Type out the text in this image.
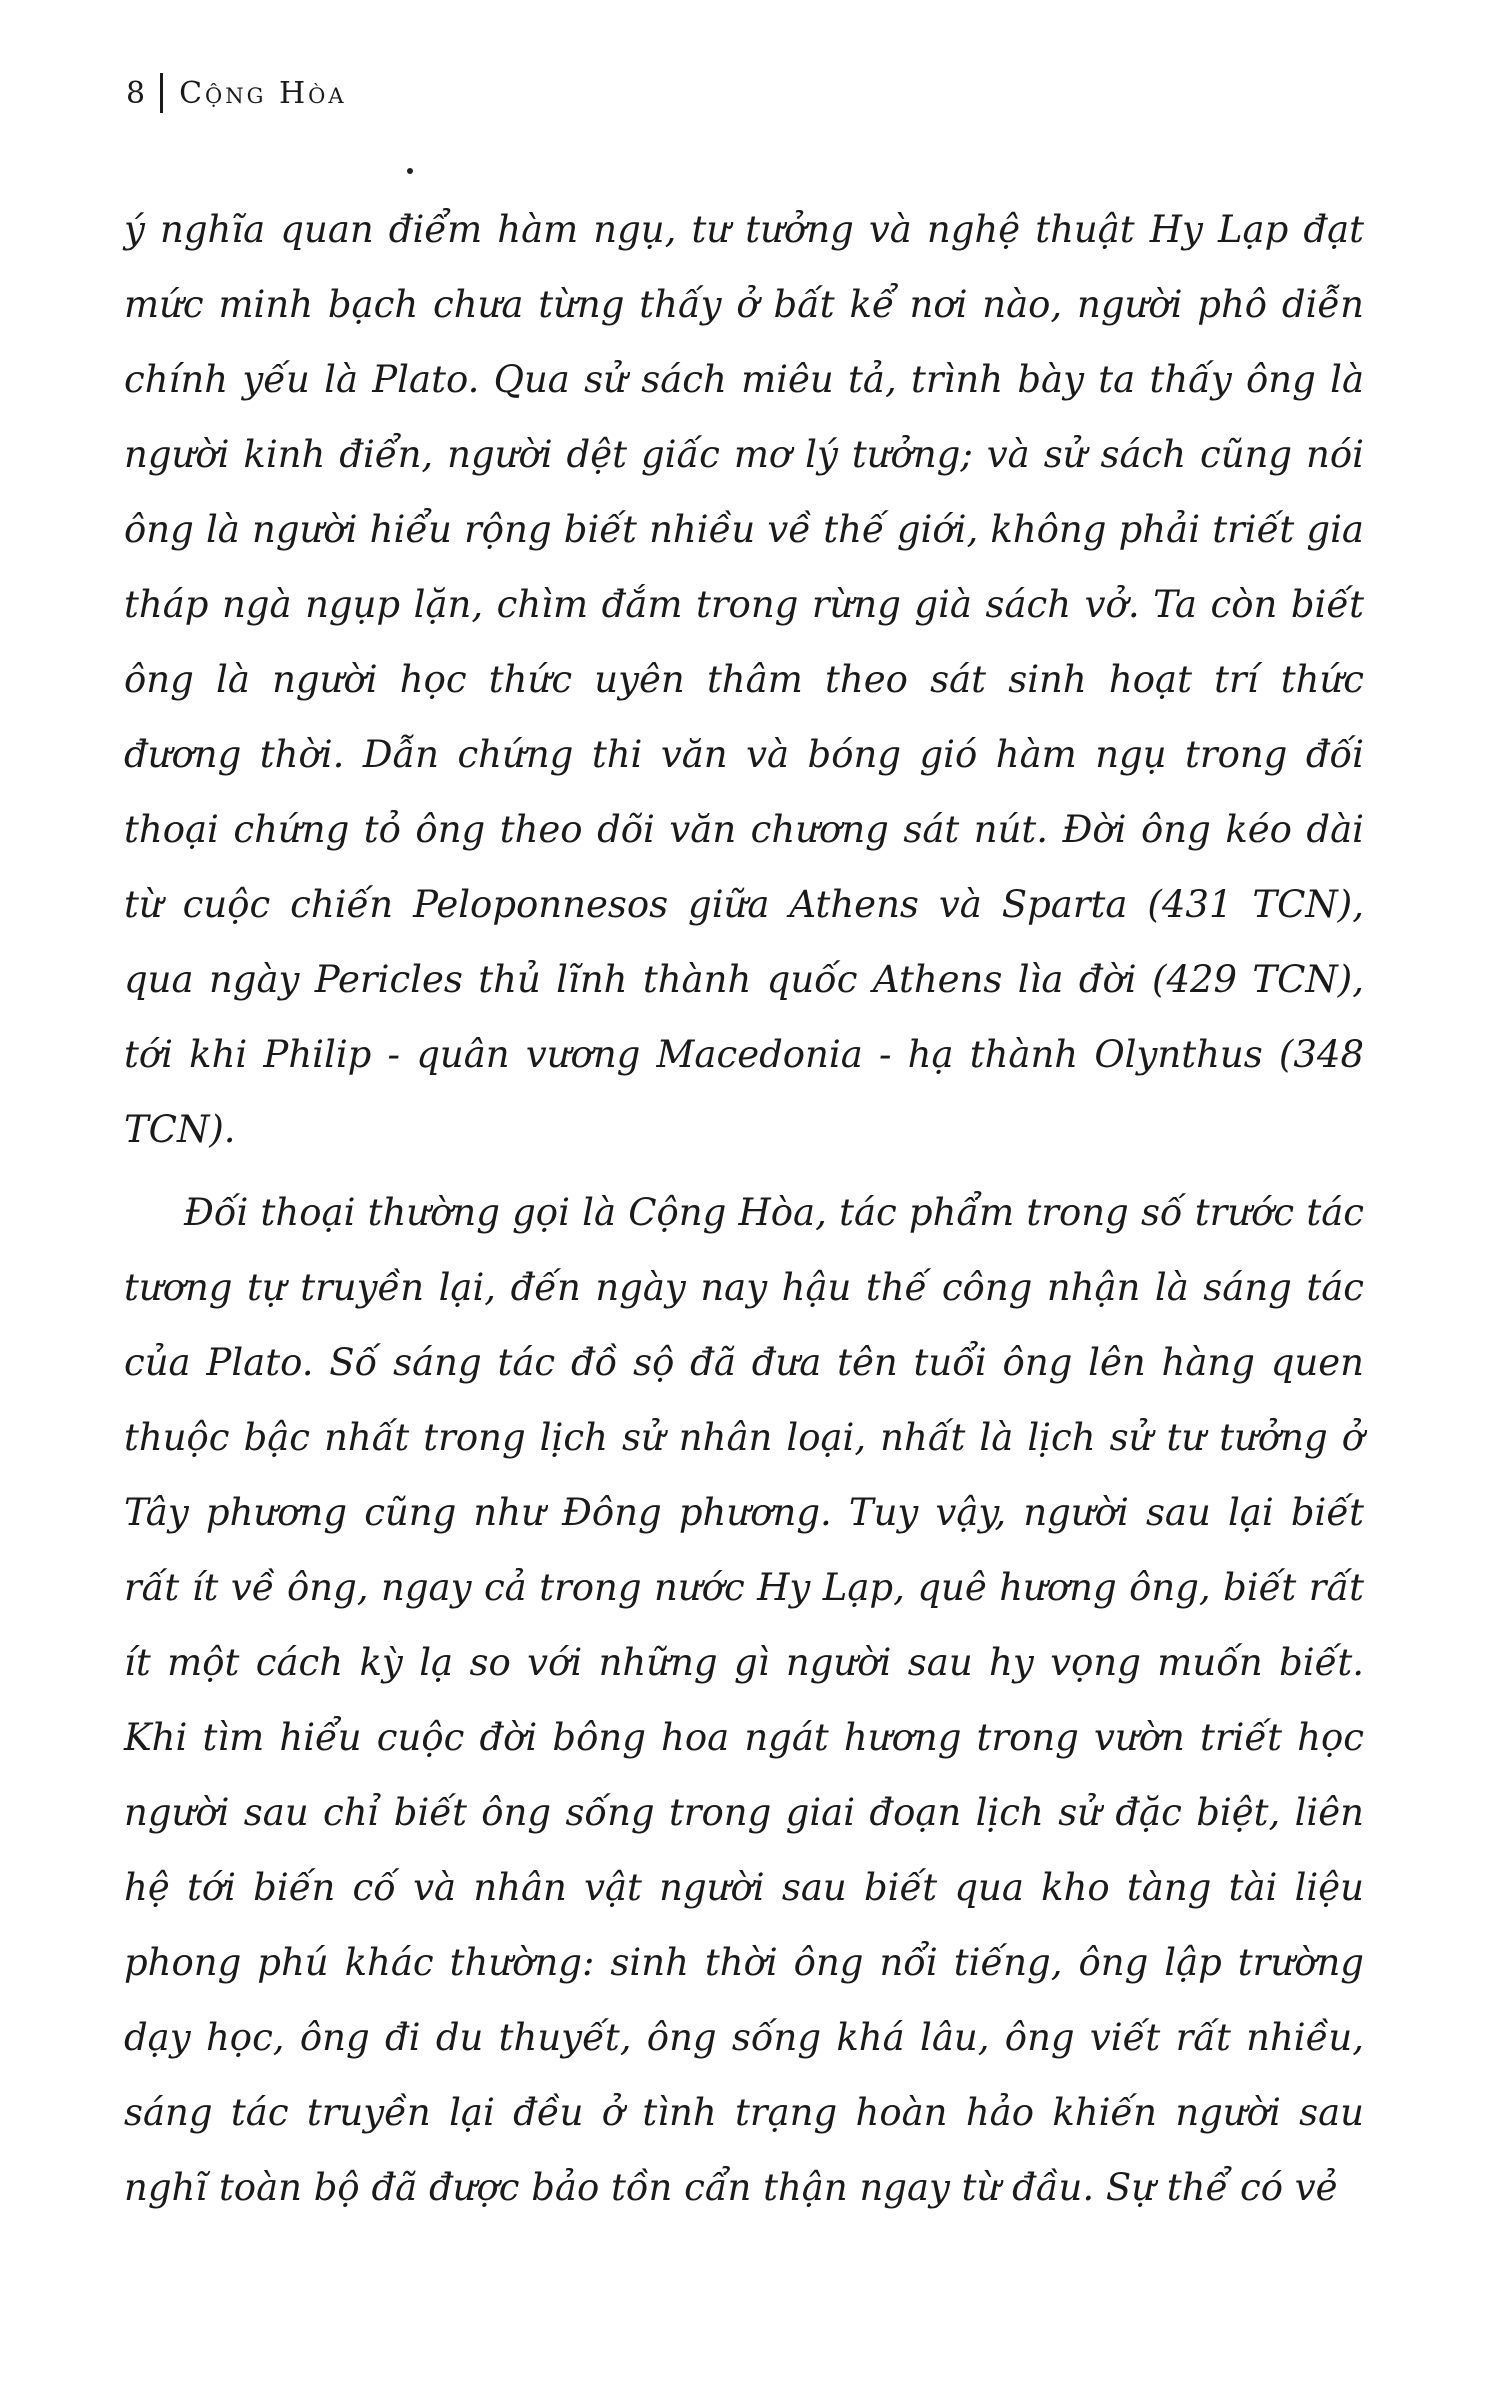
8 Cộng Hòa

ý nghĩa quan điểm hàm ngụ, tư tưởng và nghệ thuật Hy Lạp đạt mức minh bạch chưa từng thấy ở bất kể nơi nào, người phô diễn chính yếu là Plato. Qua sử sách miêu tả, trình bày ta thấy ông là người kinh điển, người dệt giấc mơ lý tưởng; và sử sách cũng nói ông là người hiểu rộng biết nhiều về thế giới, không phải triết gia tháp ngà ngụp lặn, chìm đắm trong rừng già sách vở. Ta còn biết ông là người học thức uyên thâm theo sát sinh hoạt trí thức đương thời. Dẫn chứng thi văn và bóng gió hàm ngụ trong đối thoại chứng tỏ ông theo dõi văn chương sát nút. Đời ông kéo dài từ cuộc chiến Peloponnesos giữa Athens và Sparta (431 TCN), qua ngày Pericles thủ lĩnh thành quốc Athens lìa đời (429 TCN), tới khi Philip - quân vương Macedonia - hạ thành Olynthus (348 TCN).

Đối thoại thường gọi là Cộng Hòa, tác phẩm trong số trước tác tương tự truyền lại, đến ngày nay hậu thế công nhận là sáng tác của Plato. Số sáng tác đồ sộ đã đưa tên tuổi ông lên hàng quen thuộc bậc nhất trong lịch sử nhân loại, nhất là lịch sử tư tưởng ở Tây phương cũng như Đông phương. Tuy vậy, người sau lại biết rất ít về ông, ngay cả trong nước Hy Lạp, quê hương ông, biết rất ít một cách kỳ lạ so với những gì người sau hy vọng muốn biết. Khi tìm hiểu cuộc đời bông hoa ngát hương trong vườn triết học người sau chỉ biết ông sống trong giai đoạn lịch sử đặc biệt, liên hệ tới biến cố và nhân vật người sau biết qua kho tàng tài liệu phong phú khác thường: sinh thời ông nổi tiếng, ông lập trường dạy học, ông đi du thuyết, ông sống khá lâu, ông viết rất nhiều, sáng tác truyền lại đều ở tình trạng hoàn hảo khiến người sau nghĩ toàn bộ đã được bảo tồn cẩn thận ngay từ đầu. Sự thể có vẻ
